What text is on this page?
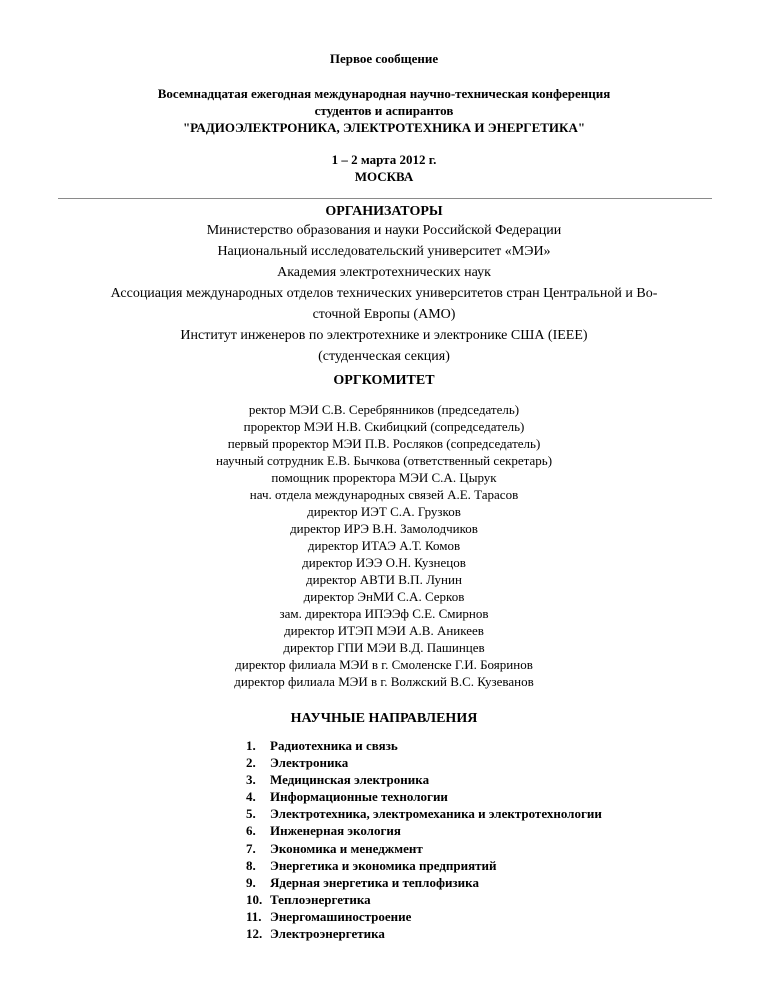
Первое сообщение
Восемнадцатая ежегодная международная научно-техническая конференция
студентов и аспирантов
"РАДИОЭЛЕКТРОНИКА, ЭЛЕКТРОТЕХНИКА И ЭНЕРГЕТИКА"
1 – 2 марта 2012 г.
МОСКВА
ОРГАНИЗАТОРЫ
Министерство образования и науки Российской Федерации
Национальный исследовательский университет «МЭИ»
Академия электротехнических наук
Ассоциация международных отделов технических университетов стран Центральной и Во-
сточной Европы (АМО)
Институт инженеров по электротехнике и электронике США (IEEE)
(студенческая секция)
ОРГКОМИТЕТ
ректор МЭИ С.В. Серебрянников (председатель)
проректор МЭИ Н.В. Скибицкий (сопредседатель)
первый проректор МЭИ П.В. Росляков (сопредседатель)
научный сотрудник Е.В. Бычкова (ответственный секретарь)
помощник проректора МЭИ С.А. Цырук
нач. отдела международных связей А.Е. Тарасов
директор ИЭТ С.А. Грузков
директор ИРЭ В.Н. Замолодчиков
директор ИТАЭ А.Т. Комов
директор ИЭЭ О.Н. Кузнецов
директор АВТИ В.П. Лунин
директор ЭнМИ С.А. Серков
зам. директора ИПЭЭф С.Е. Смирнов
директор ИТЭП МЭИ А.В. Аникеев
директор ГПИ МЭИ В.Д. Пашинцев
директор филиала МЭИ в г. Смоленске Г.И. Бояринов
директор филиала МЭИ в г. Волжский В.С. Кузеванов
НАУЧНЫЕ НАПРАВЛЕНИЯ
1. Радиотехника и связь
2. Электроника
3. Медицинская электроника
4. Информационные технологии
5. Электротехника, электромеханика и электротехнологии
6. Инженерная экология
7. Экономика и менеджмент
8. Энергетика и экономика предприятий
9. Ядерная энергетика и теплофизика
10. Теплоэнергетика
11. Энергомашиностроение
12. Электроэнергетика
